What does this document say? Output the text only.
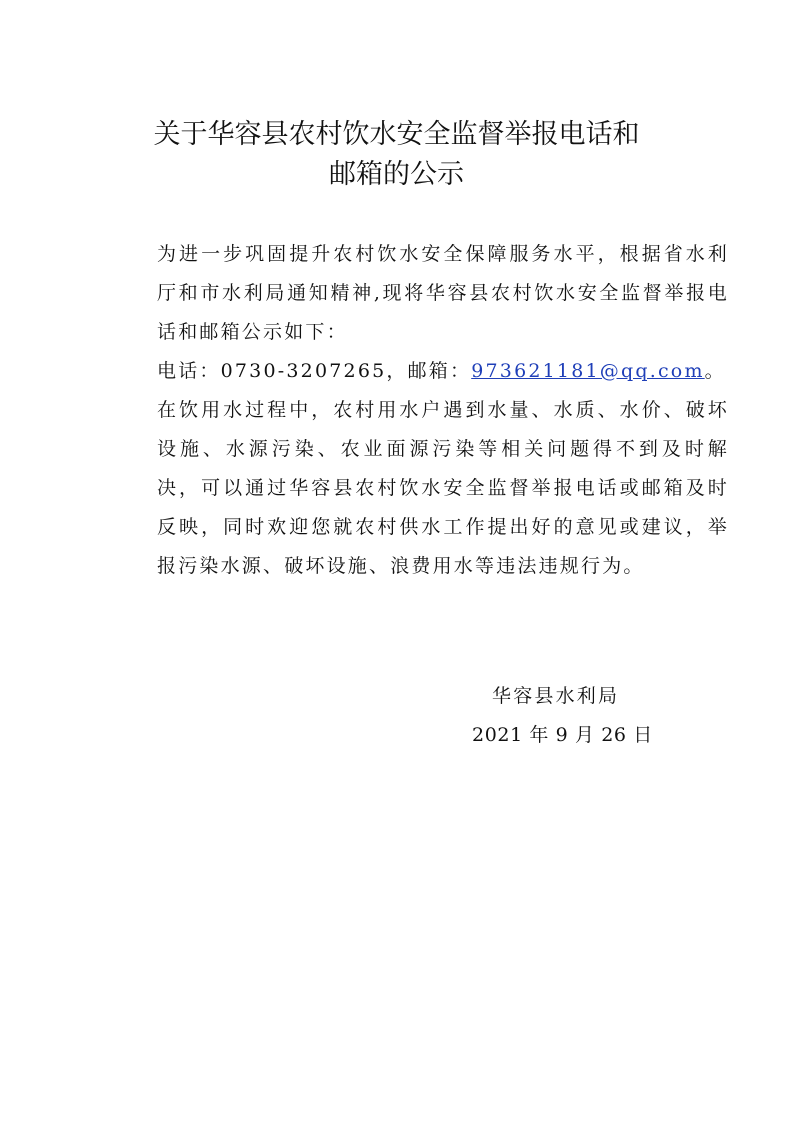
关于华容县农村饮水安全监督举报电话和
邮箱的公示

为进一步巩固提升农村饮水安全保障服务水平，根据省水利厅和市水利局通知精神,现将华容县农村饮水安全监督举报电话和邮箱公示如下：

电话：0730-3207265，邮箱：973621181@qq.com。

在饮用水过程中，农村用水户遇到水量、水质、水价、破坏设施、水源污染、农业面源污染等相关问题得不到及时解决，可以通过华容县农村饮水安全监督举报电话或邮箱及时反映，同时欢迎您就农村供水工作提出好的意见或建议，举报污染水源、破坏设施、浪费用水等违法违规行为。

华容县水利局

2021 年 9 月 26 日
